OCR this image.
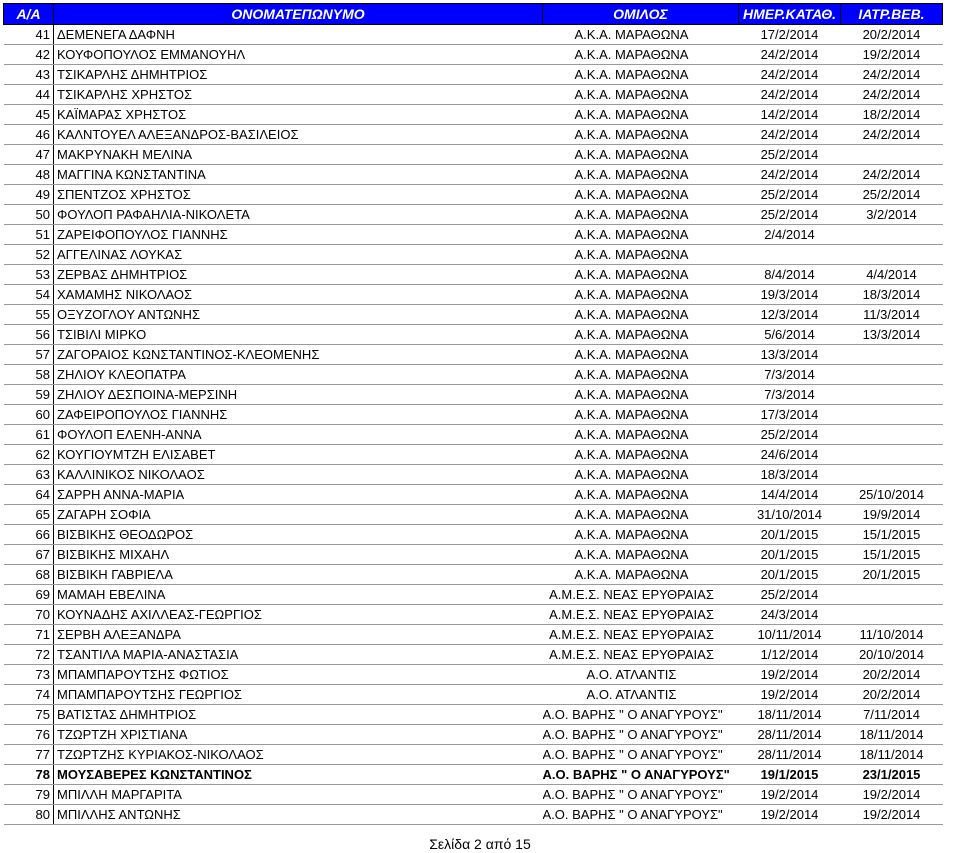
Α/Α	ΟΝΟΜΑΤΕΠΩΝΥΜΟ	ΟΜΙΛΟΣ	ΗΜΕΡ.ΚΑΤΑΘ.	ΙΑΤΡ.ΒΕΒ.
41	ΔΕΜΕΝΕΓΑ ΔΑΦΝΗ	Α.Κ.Α. ΜΑΡΑΘΩΝΑ	17/2/2014	20/2/2014
42	ΚΟΥΦΟΠΟΥΛΟΣ ΕΜΜΑΝΟΥΗΛ	Α.Κ.Α. ΜΑΡΑΘΩΝΑ	24/2/2014	19/2/2014
43	ΤΣΙΚΑΡΛΗΣ ΔΗΜΗΤΡΙΟΣ	Α.Κ.Α. ΜΑΡΑΘΩΝΑ	24/2/2014	24/2/2014
44	ΤΣΙΚΑΡΛΗΣ ΧΡΗΣΤΟΣ	Α.Κ.Α. ΜΑΡΑΘΩΝΑ	24/2/2014	24/2/2014
45	ΚΑΪΜΑΡΑΣ ΧΡΗΣΤΟΣ	Α.Κ.Α. ΜΑΡΑΘΩΝΑ	14/2/2014	18/2/2014
46	ΚΑΛΝΤΟΥΕΛ ΑΛΕΞΑΝΔΡΟΣ-ΒΑΣΙΛΕΙΟΣ	Α.Κ.Α. ΜΑΡΑΘΩΝΑ	24/2/2014	24/2/2014
47	ΜΑΚΡΥΝΑΚΗ ΜΕΛΙΝΑ	Α.Κ.Α. ΜΑΡΑΘΩΝΑ	25/2/2014	
48	ΜΑΓΓΙΝΑ ΚΩΝΣΤΑΝΤΙΝΑ	Α.Κ.Α. ΜΑΡΑΘΩΝΑ	24/2/2014	24/2/2014
49	ΣΠΕΝΤΖΟΣ ΧΡΗΣΤΟΣ	Α.Κ.Α. ΜΑΡΑΘΩΝΑ	25/2/2014	25/2/2014
50	ΦΟΥΛΟΠ ΡΑΦΑΗΛΙΑ-ΝΙΚΟΛΕΤΑ	Α.Κ.Α. ΜΑΡΑΘΩΝΑ	25/2/2014	3/2/2014
51	ΖΑΡΕΙΦΟΠΟΥΛΟΣ ΓΙΑΝΝΗΣ	Α.Κ.Α. ΜΑΡΑΘΩΝΑ	2/4/2014	
52	ΑΓΓΕΛΙΝΑΣ ΛΟΥΚΑΣ	Α.Κ.Α. ΜΑΡΑΘΩΝΑ		
53	ΖΕΡΒΑΣ ΔΗΜΗΤΡΙΟΣ	Α.Κ.Α. ΜΑΡΑΘΩΝΑ	8/4/2014	4/4/2014
54	ΧΑΜΑΜΗΣ ΝΙΚΟΛΑΟΣ	Α.Κ.Α. ΜΑΡΑΘΩΝΑ	19/3/2014	18/3/2014
55	ΟΞΥΖΟΓΛΟΥ ΑΝΤΩΝΗΣ	Α.Κ.Α. ΜΑΡΑΘΩΝΑ	12/3/2014	11/3/2014
56	ΤΣΙΒΙΛΙ ΜΙΡΚΟ	Α.Κ.Α. ΜΑΡΑΘΩΝΑ	5/6/2014	13/3/2014
57	ΖΑΓΟΡΑΙΟΣ ΚΩΝΣΤΑΝΤΙΝΟΣ-ΚΛΕΟΜΕΝΗΣ	Α.Κ.Α. ΜΑΡΑΘΩΝΑ	13/3/2014	
58	ΖΗΛΙΟΥ ΚΛΕΟΠΑΤΡΑ	Α.Κ.Α. ΜΑΡΑΘΩΝΑ	7/3/2014	
59	ΖΗΛΙΟΥ ΔΕΣΠΟΙΝΑ-ΜΕΡΣΙΝΗ	Α.Κ.Α. ΜΑΡΑΘΩΝΑ	7/3/2014	
60	ΖΑΦΕΙΡΟΠΟΥΛΟΣ ΓΙΑΝΝΗΣ	Α.Κ.Α. ΜΑΡΑΘΩΝΑ	17/3/2014	
61	ΦΟΥΛΟΠ ΕΛΕΝΗ-ΑΝΝΑ	Α.Κ.Α. ΜΑΡΑΘΩΝΑ	25/2/2014	
62	ΚΟΥΓΙΟΥΜΤΖΗ ΕΛΙΣΑΒΕΤ	Α.Κ.Α. ΜΑΡΑΘΩΝΑ	24/6/2014	
63	ΚΑΛΛΙΝΙΚΟΣ ΝΙΚΟΛΑΟΣ	Α.Κ.Α. ΜΑΡΑΘΩΝΑ	18/3/2014	
64	ΣΑΡΡΗ ΑΝΝΑ-ΜΑΡΙΑ	Α.Κ.Α. ΜΑΡΑΘΩΝΑ	14/4/2014	25/10/2014
65	ΖΑΓΑΡΗ ΣΟΦΙΑ	Α.Κ.Α. ΜΑΡΑΘΩΝΑ	31/10/2014	19/9/2014
66	ΒΙΣΒΙΚΗΣ ΘΕΟΔΩΡΟΣ	Α.Κ.Α. ΜΑΡΑΘΩΝΑ	20/1/2015	15/1/2015
67	ΒΙΣΒΙΚΗΣ ΜΙΧΑΗΛ	Α.Κ.Α. ΜΑΡΑΘΩΝΑ	20/1/2015	15/1/2015
68	ΒΙΣΒΙΚΗ ΓΑΒΡΙΕΛΑ	Α.Κ.Α. ΜΑΡΑΘΩΝΑ	20/1/2015	20/1/2015
69	ΜΑΜΑΗ ΕΒΕΛΙΝΑ	Α.Μ.Ε.Σ. ΝΕΑΣ ΕΡΥΘΡΑΙΑΣ	25/2/2014	
70	ΚΟΥΝΑΔΗΣ ΑΧΙΛΛΕΑΣ-ΓΕΩΡΓΙΟΣ	Α.Μ.Ε.Σ. ΝΕΑΣ ΕΡΥΘΡΑΙΑΣ	24/3/2014	
71	ΣΕΡΒΗ ΑΛΕΞΑΝΔΡΑ	Α.Μ.Ε.Σ. ΝΕΑΣ ΕΡΥΘΡΑΙΑΣ	10/11/2014	11/10/2014
72	ΤΣΑΝΤΙΛΑ ΜΑΡΙΑ-ΑΝΑΣΤΑΣΙΑ	Α.Μ.Ε.Σ. ΝΕΑΣ ΕΡΥΘΡΑΙΑΣ	1/12/2014	20/10/2014
73	ΜΠΑΜΠΑΡΟΥΤΣΗΣ ΦΩΤΙΟΣ	Α.Ο. ΑΤΛΑΝΤΙΣ	19/2/2014	20/2/2014
74	ΜΠΑΜΠΑΡΟΥΤΣΗΣ ΓΕΩΡΓΙΟΣ	Α.Ο. ΑΤΛΑΝΤΙΣ	19/2/2014	20/2/2014
75	ΒΑΤΙΣΤΑΣ ΔΗΜΗΤΡΙΟΣ	Α.Ο. ΒΑΡΗΣ " Ο ΑΝΑΓΥΡΟΥΣ"	18/11/2014	7/11/2014
76	ΤΖΩΡΤΖΗ ΧΡΙΣΤΙΑΝΑ	Α.Ο. ΒΑΡΗΣ " Ο ΑΝΑΓΥΡΟΥΣ"	28/11/2014	18/11/2014
77	ΤΖΩΡΤΖΗΣ ΚΥΡΙΑΚΟΣ-ΝΙΚΟΛΑΟΣ	Α.Ο. ΒΑΡΗΣ " Ο ΑΝΑΓΥΡΟΥΣ"	28/11/2014	18/11/2014
78	ΜΟΥΣΑΒΕΡΕΣ ΚΩΝΣΤΑΝΤΙΝΟΣ	Α.Ο. ΒΑΡΗΣ " Ο ΑΝΑΓΥΡΟΥΣ"	19/1/2015	23/1/2015
79	ΜΠΙΛΛΗ ΜΑΡΓΑΡΙΤΑ	Α.Ο. ΒΑΡΗΣ " Ο ΑΝΑΓΥΡΟΥΣ"	19/2/2014	19/2/2014
80	ΜΠΙΛΛΗΣ ΑΝΤΩΝΗΣ	Α.Ο. ΒΑΡΗΣ " Ο ΑΝΑΓΥΡΟΥΣ"	19/2/2014	19/2/2014
Σελίδα 2 από 15
